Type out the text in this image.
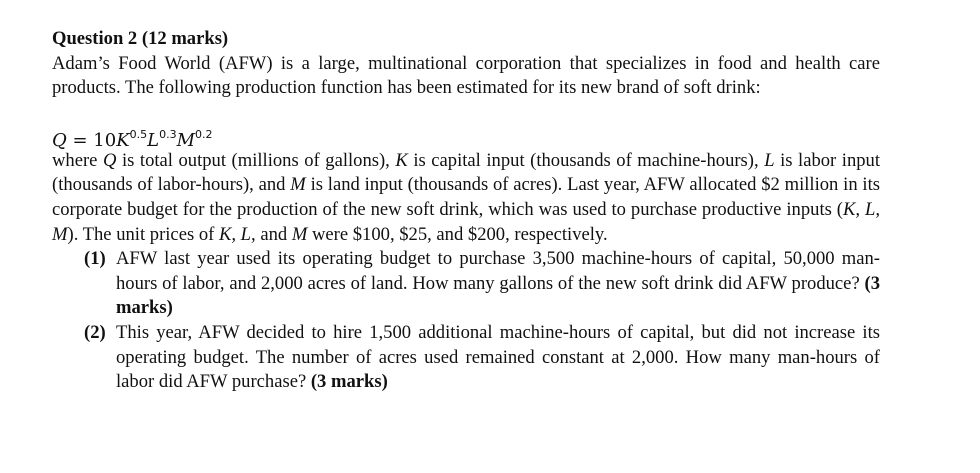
Question 2 (12 marks)

Adam’s Food World (AFW) is a large, multinational corporation that specializes in food and health care products. The following production function has been estimated for its new brand of soft drink:

$Q = 10K^{0.5}L^{0.3}M^{0.2}$

where Q is total output (millions of gallons), K is capital input (thousands of machine-hours), L is labor input (thousands of labor-hours), and M is land input (thousands of acres). Last year, AFW allocated $2 million in its corporate budget for the production of the new soft drink, which was used to purchase productive inputs (K, L, M). The unit prices of K, L, and M were $100, $25, and $200, respectively.

(1) AFW last year used its operating budget to purchase 3,500 machine-hours of capital, 50,000 man-hours of labor, and 2,000 acres of land. How many gallons of the new soft drink did AFW produce? (3 marks)
(2) This year, AFW decided to hire 1,500 additional machine-hours of capital, but did not increase its operating budget. The number of acres used remained constant at 2,000. How many man-hours of labor did AFW purchase? (3 marks)
